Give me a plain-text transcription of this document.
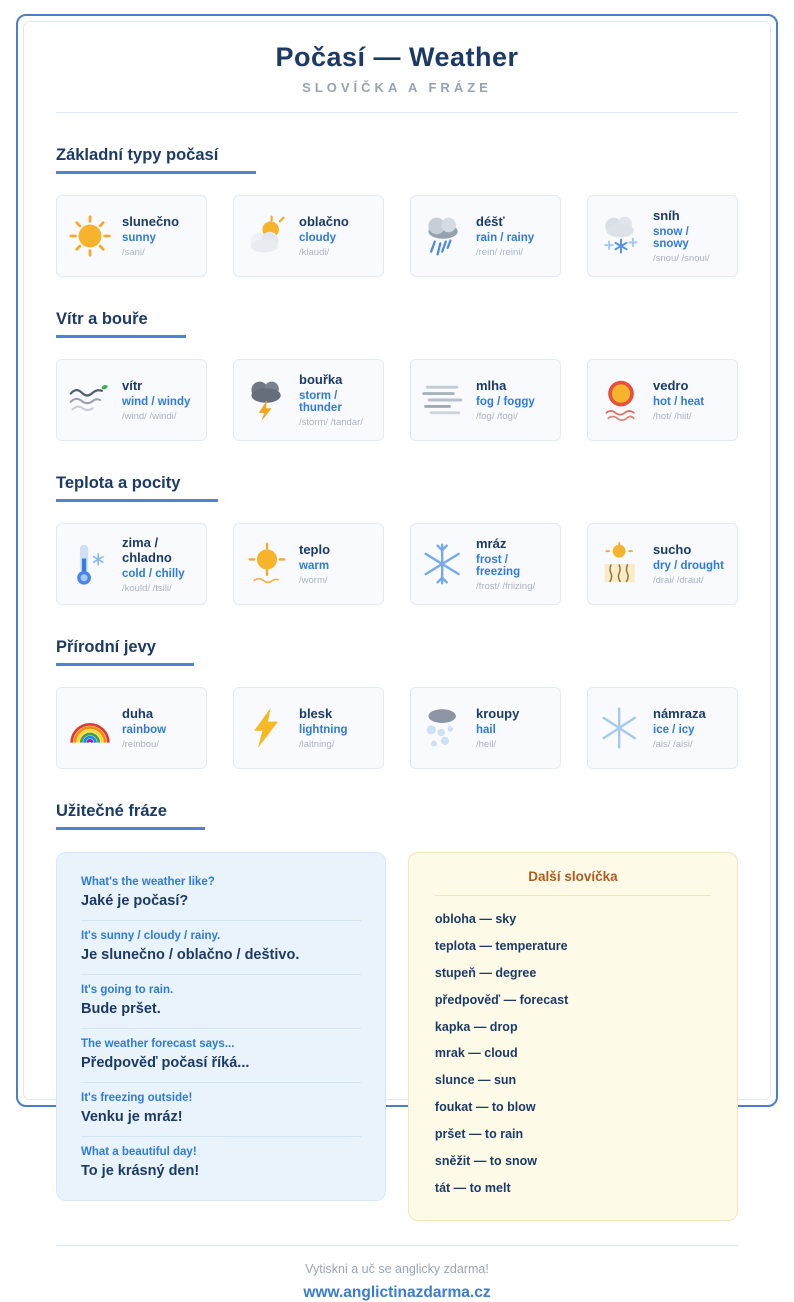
Počasí — Weather
SLOVÍČKA A FRÁZE
Základní typy počasí
slunečno
sunny
/sani/
oblačno
cloudy
/klaudi/
déšť
rain / rainy
/rein/ /reini/
sníh
snow / snowy
/snou/ /snoui/
Vítr a bouře
vítr
wind / windy
/wind/ /windi/
bouřka
storm / thunder
/storm/ /tandar/
mlha
fog / foggy
/fog/ /fogi/
vedro
hot / heat
/hot/ /hiit/
Teplota a pocity
zima / chladno
cold / chilly
/kould/ /tsili/
teplo
warm
/worm/
mráz
frost / freezing
/frost/ /friizing/
sucho
dry / drought
/drai/ /draut/
Přírodní jevy
duha
rainbow
/reinbou/
blesk
lightning
/laitning/
kroupy
hail
/heil/
námraza
ice / icy
/ais/ /aisi/
Užitečné fráze
What's the weather like?
Jaké je počasí?
It's sunny / cloudy / rainy.
Je slunečno / oblačno / deštivo.
It's going to rain.
Bude pršet.
The weather forecast says...
Předpověď počasí říká...
It's freezing outside!
Venku je mráz!
What a beautiful day!
To je krásný den!
Další slovíčka
obloha — sky
teplota — temperature
stupeň — degree
předpověď — forecast
kapka — drop
mrak — cloud
slunce — sun
foukat — to blow
pršet — to rain
sněžit — to snow
tát — to melt
Vytiskni a uč se anglicky zdarma!
www.anglictinazdarma.cz
